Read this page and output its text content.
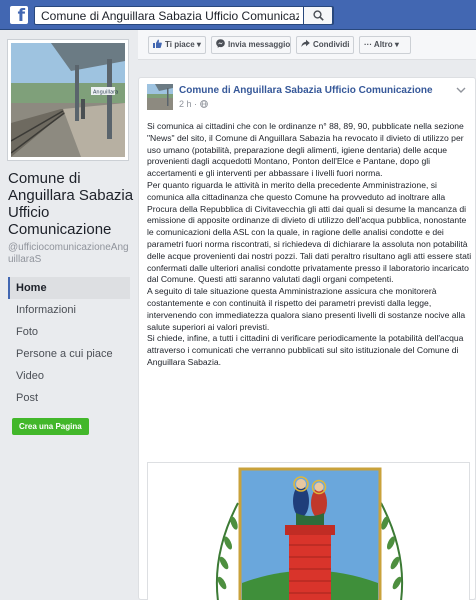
f
Comune di Anguillara Sabazia Ufficio Comunicazione
Anguillara
Comune di Anguillara Sabazia Ufficio Comunicazione
@ufficiocomunicazioneAnguillaraS
Home
Informazioni
Foto
Persone a cui piace
Video
Post
Crea una Pagina
Ti piace ▾	Invia messaggio	Condividi	··· Altro ▾
Comune di Anguillara Sabazia Ufficio Comunicazione
2 h ·

Si comunica ai cittadini che con le ordinanze n° 88, 89, 90, pubblicate nella sezione "News" del sito, il Comune di Anguillara Sabazia ha revocato il divieto di utilizzo per uso umano (potabilità, preparazione degli alimenti, igiene dentaria) delle acque provenienti dagli acquedotti Montano, Ponton dell'Elce e Pantane, dopo gli accertamenti e gli interventi per abbassare i livelli fuori norma.

Per quanto riguarda le attività in merito della precedente Amministrazione, si comunica alla cittadinanza che questo Comune ha provveduto ad inoltrare alla Procura della Repubblica di Civitavecchia gli atti dai quali si desume la mancanza di emissione di apposite ordinanze di divieto di utilizzo dell'acqua pubblica, nonostante le comunicazioni della ASL con la quale, in ragione delle analisi condotte e dei parametri fuori norma riscontrati, si richiedeva di dichiarare la assoluta non potabilità delle acque provenienti dai nostri pozzi. Tali dati peraltro risultano agli atti essere stati confermati dalle ulteriori analisi condotte privatamente presso il laboratorio incaricato dal Comune. Questi atti saranno valutati dagli organi competenti.

A seguito di tale situazione questa Amministrazione assicura che monitorerà costantemente e con continuità il rispetto dei parametri previsti dalla legge, intervenendo con immediatezza qualora siano presenti livelli di sostanze nocive alla salute superiori ai valori previsti.

Si chiede, infine, a tutti i cittadini di verificare periodicamente la potabilità dell'acqua attraverso i comunicati che verranno pubblicati sul sito istituzionale del Comune di Anguillara Sabazia.
